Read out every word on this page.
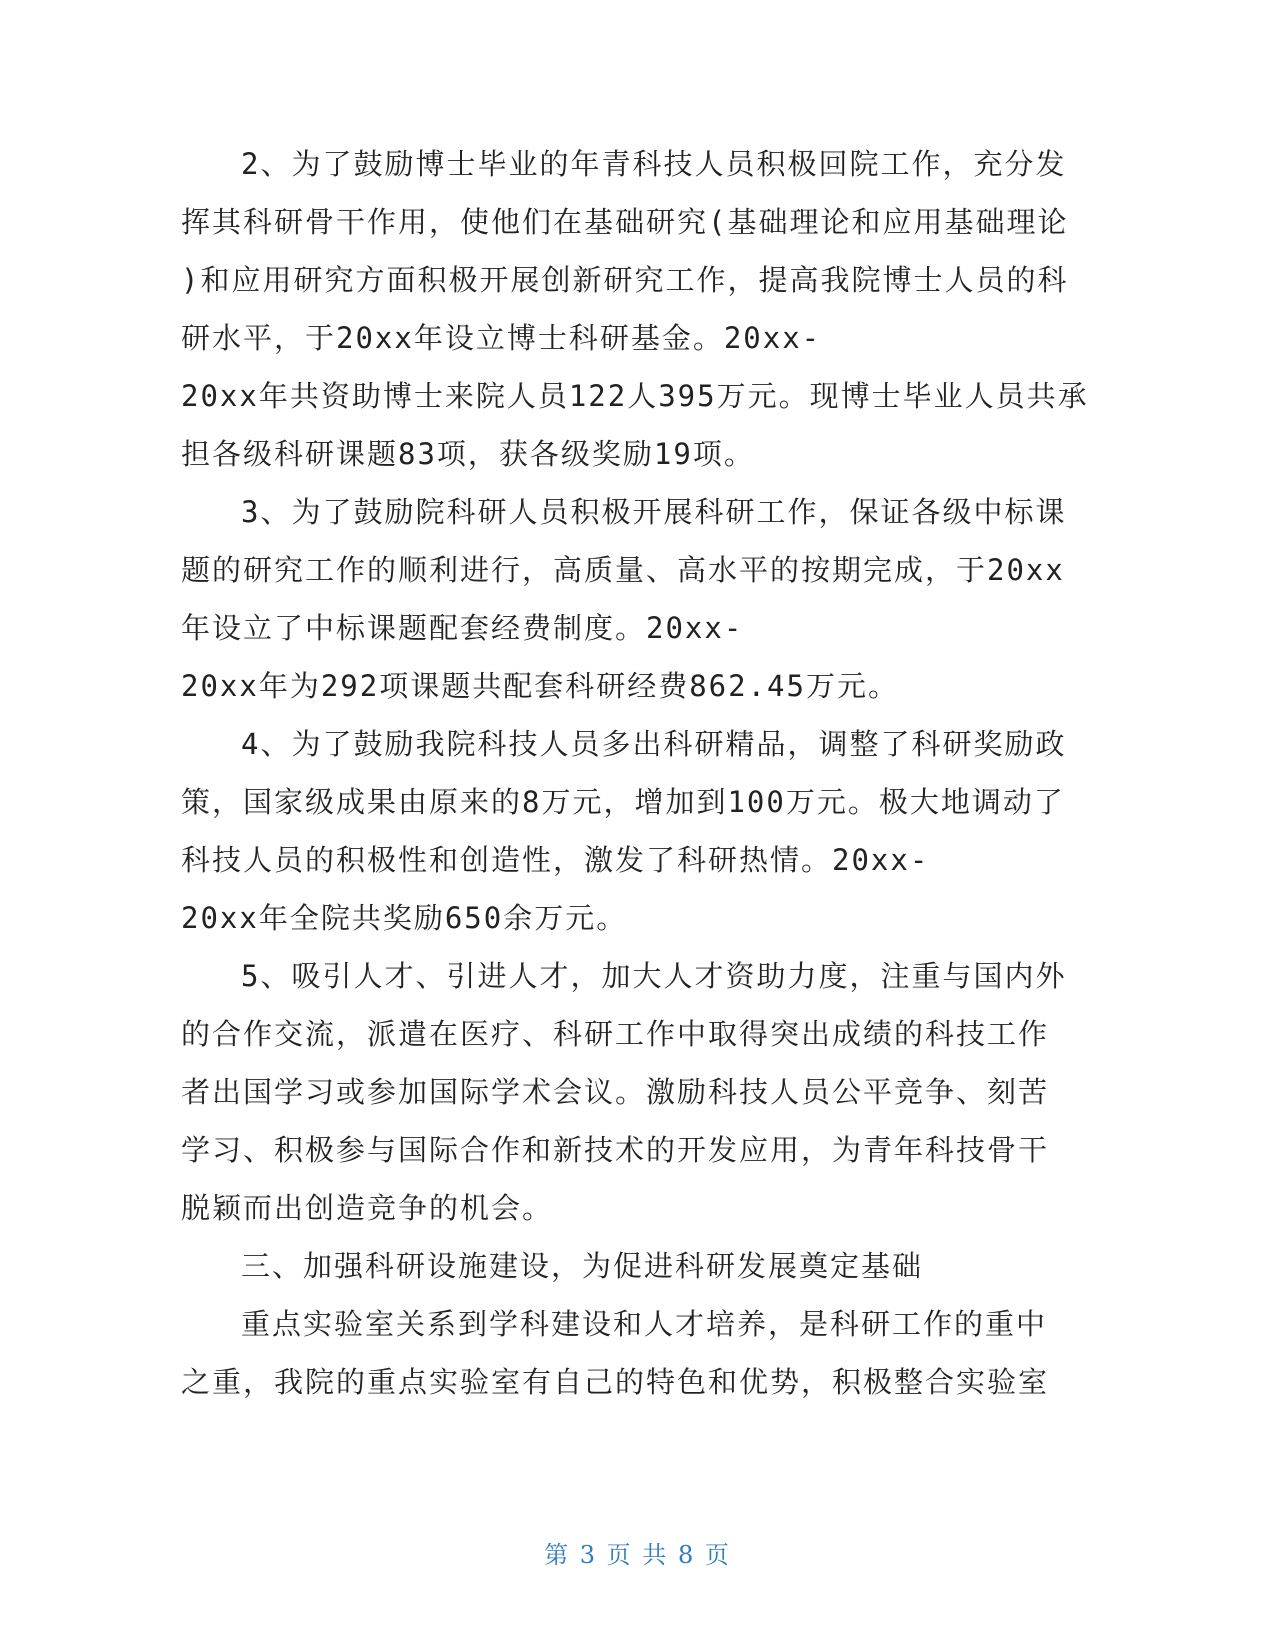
2、为了鼓励博士毕业的年青科技人员积极回院工作，充分发
挥其科研骨干作用，使他们在基础研究(基础理论和应用基础理论
)和应用研究方面积极开展创新研究工作，提高我院博士人员的科
研水平，于20xx年设立博士科研基金。20xx-
20xx年共资助博士来院人员122人395万元。现博士毕业人员共承
担各级科研课题83项，获各级奖励19项。
3、为了鼓励院科研人员积极开展科研工作，保证各级中标课
题的研究工作的顺利进行，高质量、高水平的按期完成，于20xx
年设立了中标课题配套经费制度。20xx-
20xx年为292项课题共配套科研经费862.45万元。
4、为了鼓励我院科技人员多出科研精品，调整了科研奖励政
策，国家级成果由原来的8万元，增加到100万元。极大地调动了
科技人员的积极性和创造性，激发了科研热情。20xx-
20xx年全院共奖励650余万元。
5、吸引人才、引进人才，加大人才资助力度，注重与国内外
的合作交流，派遣在医疗、科研工作中取得突出成绩的科技工作
者出国学习或参加国际学术会议。激励科技人员公平竞争、刻苦
学习、积极参与国际合作和新技术的开发应用，为青年科技骨干
脱颖而出创造竞争的机会。
三、加强科研设施建设，为促进科研发展奠定基础
重点实验室关系到学科建设和人才培养，是科研工作的重中
之重，我院的重点实验室有自己的特色和优势，积极整合实验室
第 3 页 共 8 页
